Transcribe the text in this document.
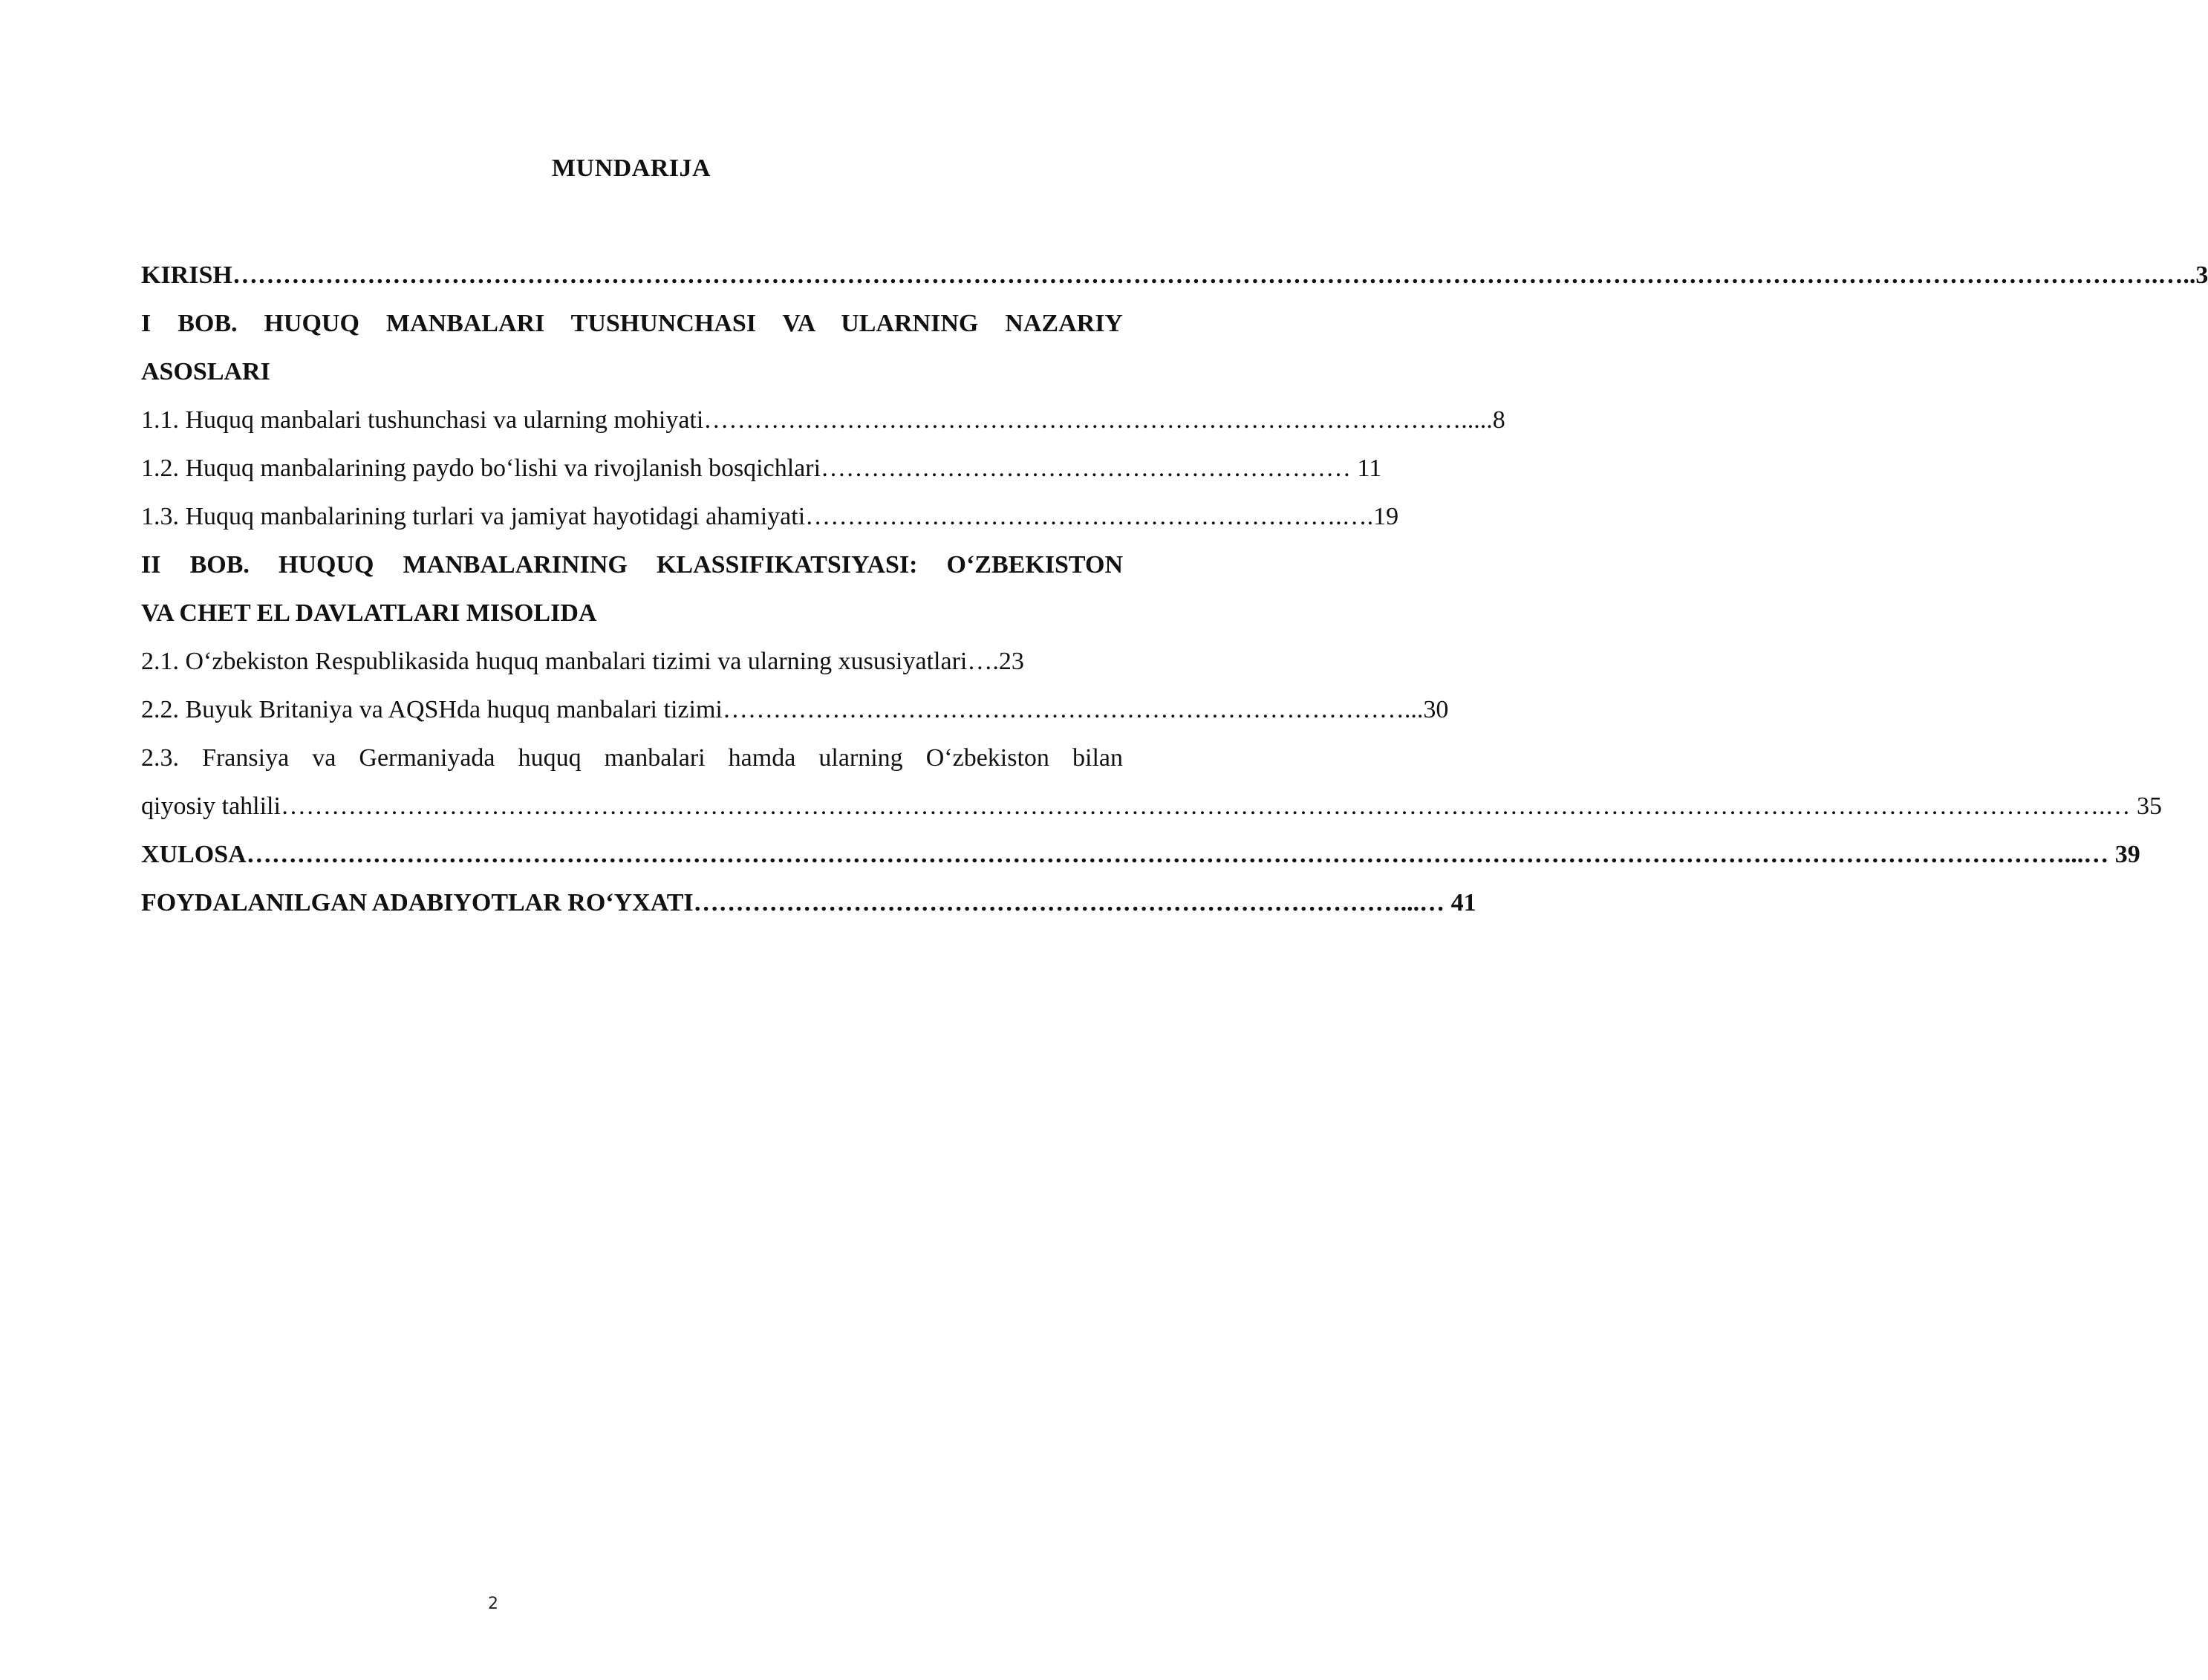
MUNDARIJA
KIRISH………………………………………………………………………………………………………………………………………………………………………………………………………….…..3
I BOB. HUQUQ MANBALARI TUSHUNCHASI VA ULARNING NAZARIY
ASOSLARI
1.1. Huquq manbalari tushunchasi va ularning mohiyati……………………………………………………………………………….....8
1.2. Huquq manbalarining paydo bo‘lishi va rivojlanish bosqichlari……………………………………………………… 11
1.3. Huquq manbalarining turlari va jamiyat hayotidagi ahamiyati……………………………………………………….….19
II BOB. HUQUQ MANBALARINING KLASSIFIKATSIYASI: O‘ZBEKISTON
VA CHET EL DAVLATLARI MISOLIDA
2.1. O‘zbekiston Respublikasida huquq manbalari tizimi va ularning xususiyatlari….23
2.2. Buyuk Britaniya va AQSHda huquq manbalari tizimi………………………………………………………………………...30
2.3. Fransiya va Germaniyada huquq manbalari hamda ularning O‘zbekiston bilan
qiyosiy tahlili……………………………………………………………………………………………………………………………………………………………………………………………….… 35
XULOSA………………………………………………………………………………………………………………………………………………………………………………………………...… 39
FOYDALANILGAN ADABIYOTLAR RO‘YXATI…………………………………………………………………………...… 41
2
